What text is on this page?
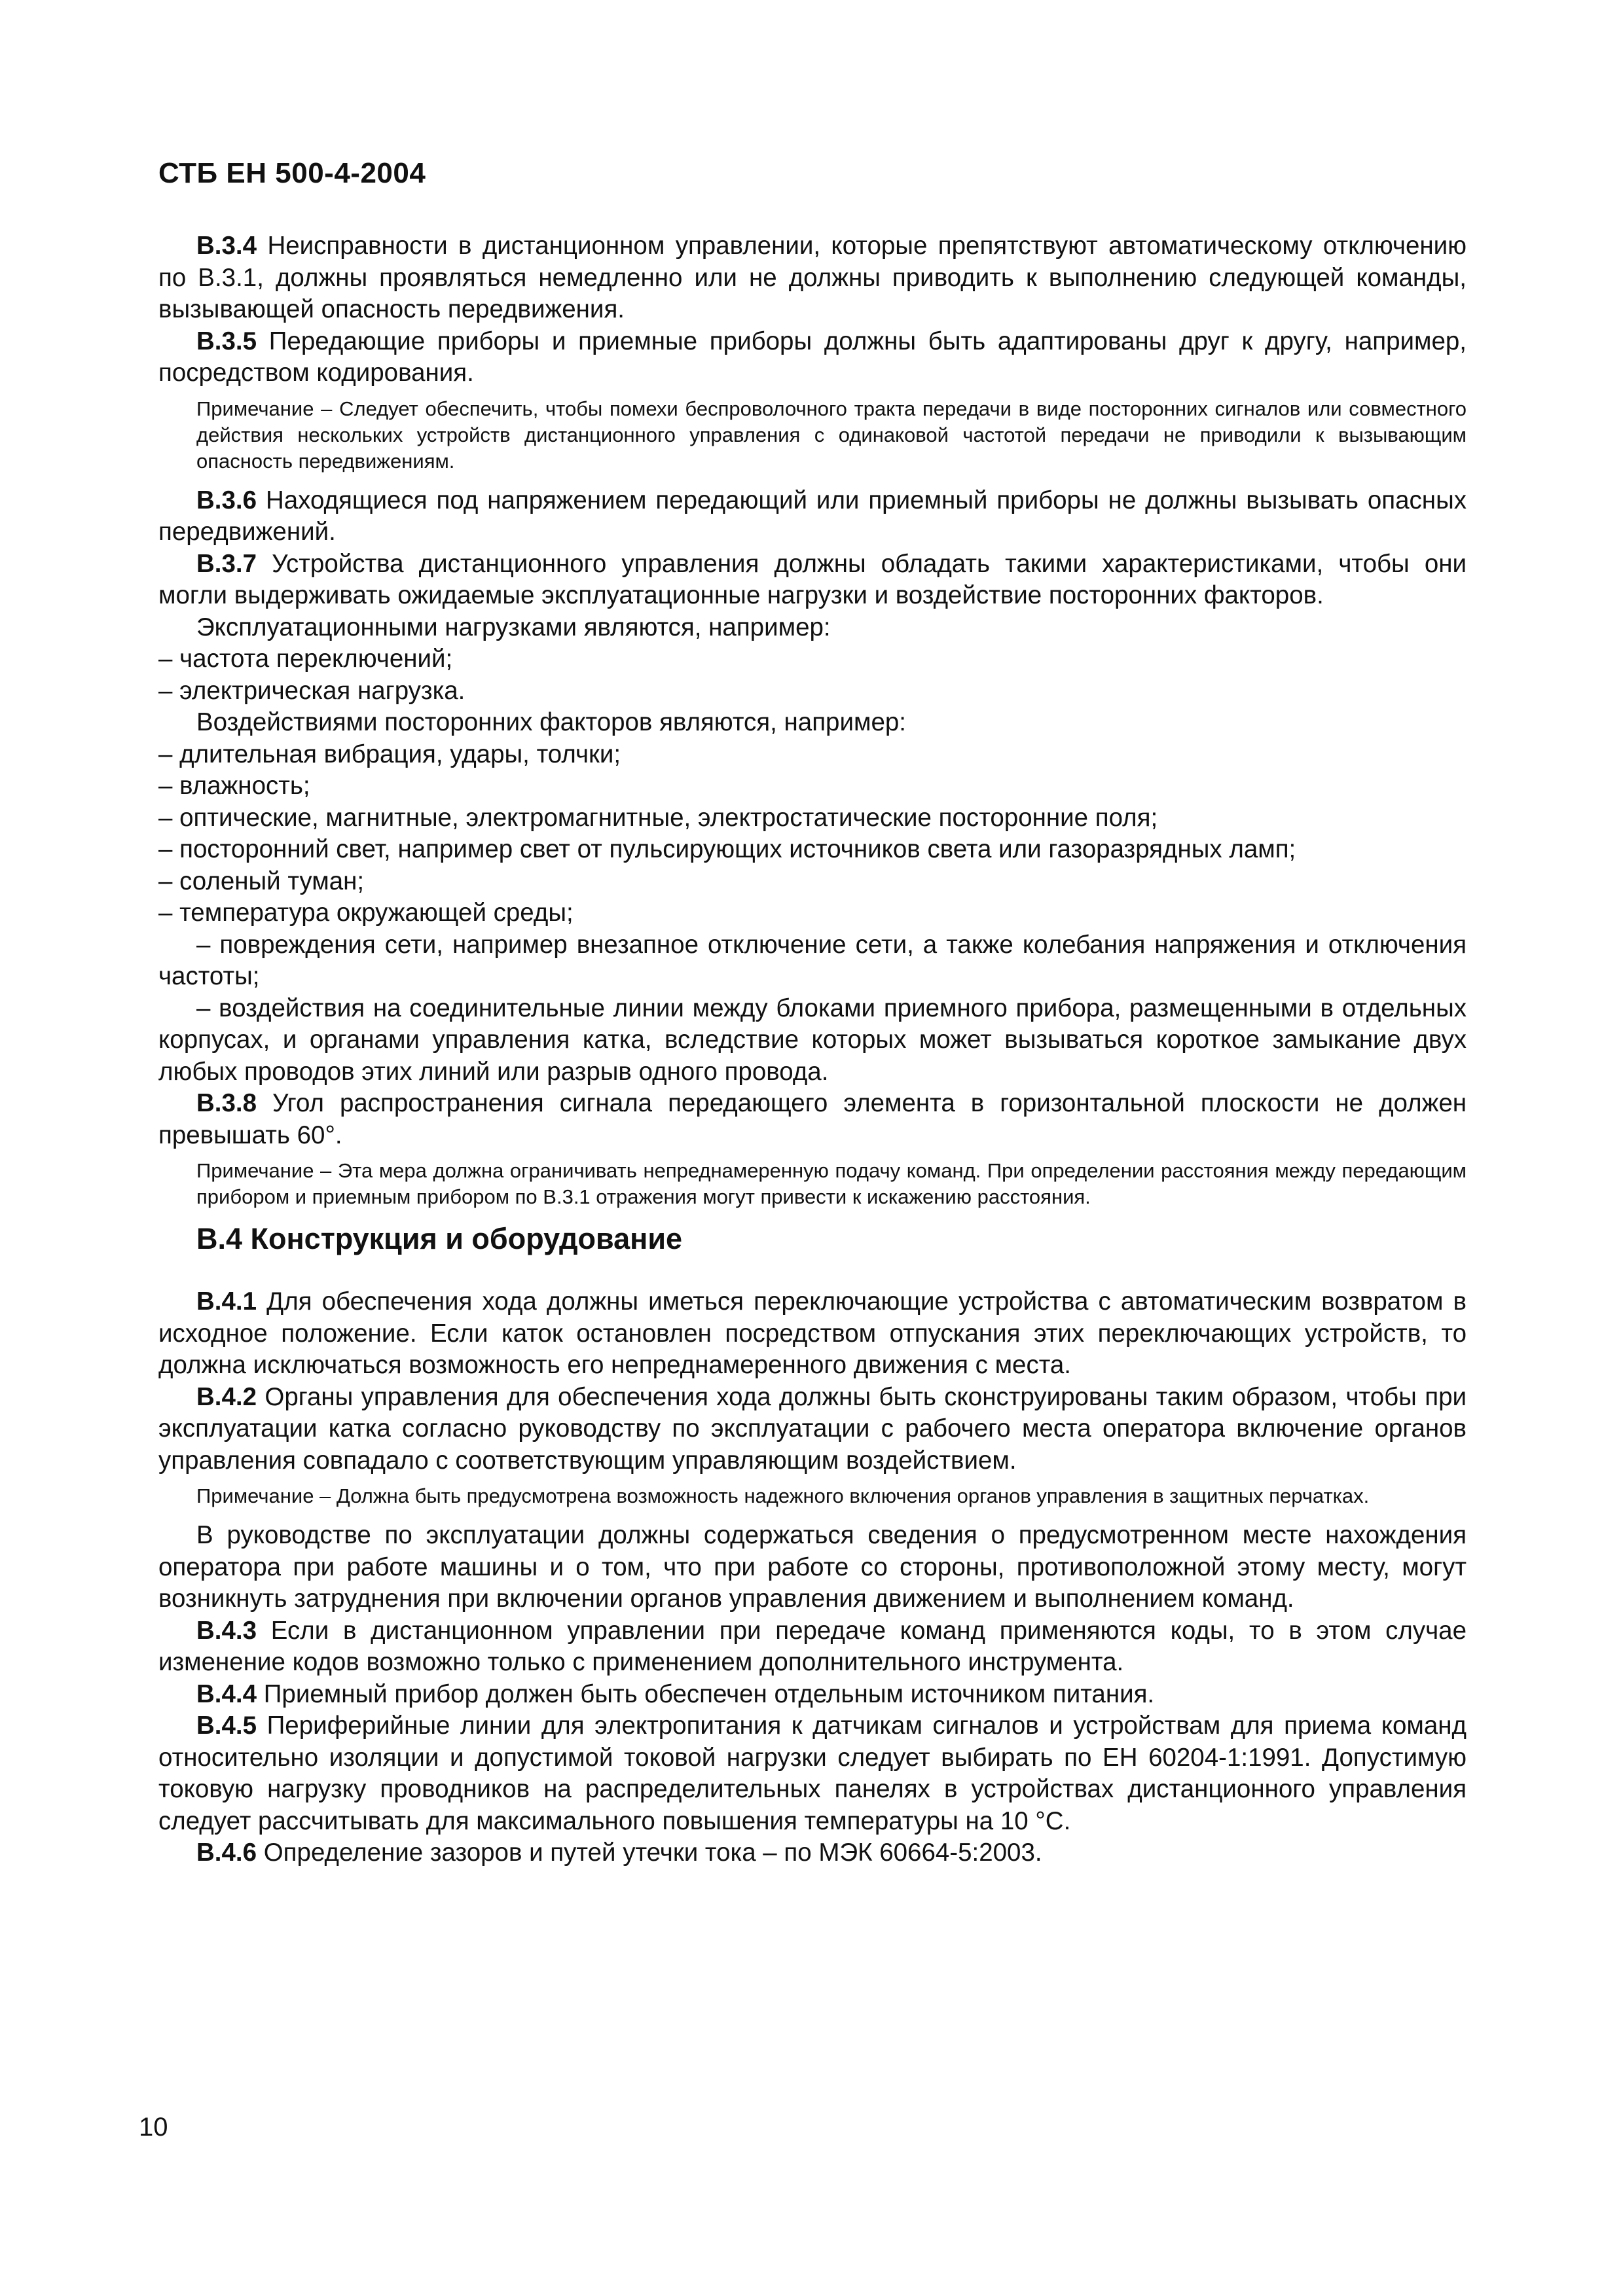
СТБ ЕН 500-4-2004

В.3.4 Неисправности в дистанционном управлении, которые препятствуют автоматическому отключению по В.3.1, должны проявляться немедленно или не должны приводить к выполнению следующей команды, вызывающей опасность передвижения.

В.3.5 Передающие приборы и приемные приборы должны быть адаптированы друг к другу, например, посредством кодирования.

Примечание – Следует обеспечить, чтобы помехи беспроволочного тракта передачи в виде посторонних сигналов или совместного действия нескольких устройств дистанционного управления с одинаковой частотой передачи не приводили к вызывающим опасность передвижениям.

В.3.6 Находящиеся под напряжением передающий или приемный приборы не должны вызывать опасных передвижений.

В.3.7 Устройства дистанционного управления должны обладать такими характеристиками, чтобы они могли выдерживать ожидаемые эксплуатационные нагрузки и воздействие посторонних факторов.

Эксплуатационными нагрузками являются, например:

– частота переключений;

– электрическая нагрузка.

Воздействиями посторонних факторов являются, например:

– длительная вибрация, удары, толчки;

– влажность;

– оптические, магнитные, электромагнитные, электростатические посторонние поля;

– посторонний свет, например свет от пульсирующих источников света или газоразрядных ламп;

– соленый туман;

– температура окружающей среды;

– повреждения сети, например внезапное отключение сети, а также колебания напряжения и отключения частоты;

– воздействия на соединительные линии между блоками приемного прибора, размещенными в отдельных корпусах, и органами управления катка, вследствие которых может вызываться короткое замыкание двух любых проводов этих линий или разрыв одного провода.

В.3.8 Угол распространения сигнала передающего элемента в горизонтальной плоскости не должен превышать 60°.

Примечание – Эта мера должна ограничивать непреднамеренную подачу команд. При определении расстояния между передающим прибором и приемным прибором по В.3.1 отражения могут привести к искажению расстояния.

В.4 Конструкция и оборудование

В.4.1 Для обеспечения хода должны иметься переключающие устройства с автоматическим возвратом в исходное положение. Если каток остановлен посредством отпускания этих переключающих устройств, то должна исключаться возможность его непреднамеренного движения с места.

В.4.2 Органы управления для обеспечения хода должны быть сконструированы таким образом, чтобы при эксплуатации катка согласно руководству по эксплуатации с рабочего места оператора включение органов управления совпадало с соответствующим управляющим воздействием.

Примечание – Должна быть предусмотрена возможность надежного включения органов управления в защитных перчатках.

В руководстве по эксплуатации должны содержаться сведения о предусмотренном месте нахождения оператора при работе машины и о том, что при работе со стороны, противоположной этому месту, могут возникнуть затруднения при включении органов управления движением и выполнением команд.

В.4.3 Если в дистанционном управлении при передаче команд применяются коды, то в этом случае изменение кодов возможно только с применением дополнительного инструмента.

В.4.4 Приемный прибор должен быть обеспечен отдельным источником питания.

В.4.5 Периферийные линии для электропитания к датчикам сигналов и устройствам для приема команд относительно изоляции и допустимой токовой нагрузки следует выбирать по ЕН 60204-1:1991. Допустимую токовую нагрузку проводников на распределительных панелях в устройствах дистанционного управления следует рассчитывать для максимального повышения температуры на 10 °С.

В.4.6 Определение зазоров и путей утечки тока – по МЭК 60664-5:2003.

10
